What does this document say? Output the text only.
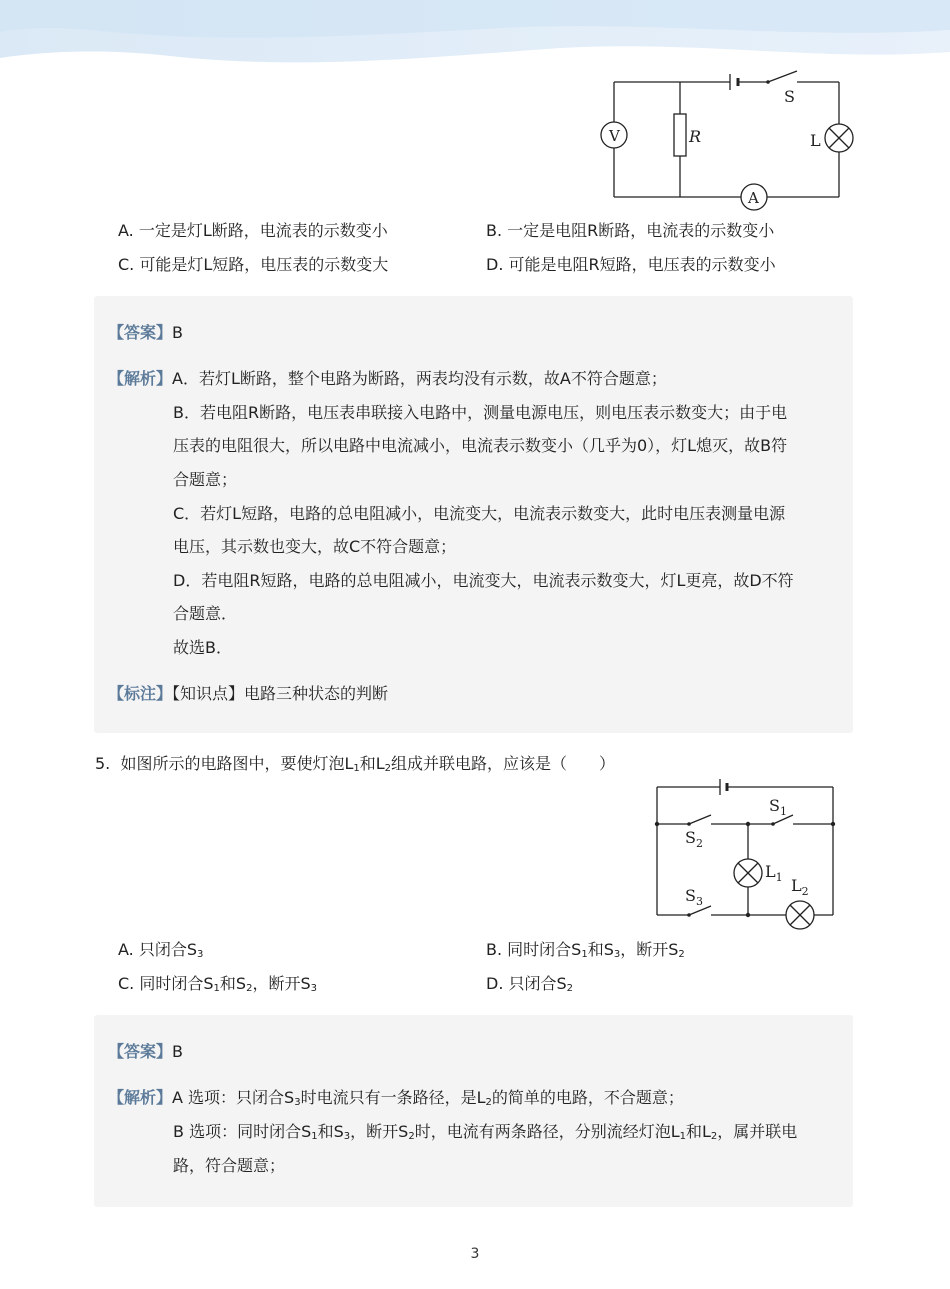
S
R	L
V
A
A. 一定是灯L断路，电流表的示数变小	B. 一定是电阻R断路，电流表的示数变小
C. 可能是灯L短路，电压表的示数变大	D. 可能是电阻R短路，电压表的示数变小
【答案】B
【解析】A．若灯L断路，整个电路为断路，两表均没有示数，故A不符合题意；
B．若电阻R断路，电压表串联接入电路中，测量电源电压，则电压表示数变大；由于电
压表的电阻很大，所以电路中电流减小，电流表示数变小（几乎为0），灯L熄灭，故B符
合题意；
C．若灯L短路，电路的总电阻减小，电流变大，电流表示数变大，此时电压表测量电源
电压，其示数也变大，故C不符合题意；
D．若电阻R短路，电路的总电阻减小，电流变大，电流表示数变大，灯L更亮，故D不符
合题意．
故选B．
【标注】【知识点】电路三种状态的判断
5. 如图所示的电路图中，要使灯泡$L_1$和$L_2$组成并联电路，应该是（　　）
$S_1$
$S_2$
$S_3$
$L_1$ $L_2$
A. 只闭合$S_3$	B. 同时闭合$S_1$和$S_3$，断开$S_2$
C. 同时闭合$S_1$和$S_2$，断开$S_3$	D. 只闭合$S_2$
【答案】B
【解析】A 选项：只闭合$S_3$时电流只有一条路径，是$L_2$的简单的电路，不合题意；
B 选项：同时闭合$S_1$和$S_3$，断开$S_2$时，电流有两条路径，分别流经灯泡$L_1$和$L_2$，属并联电
路，符合题意；
3
